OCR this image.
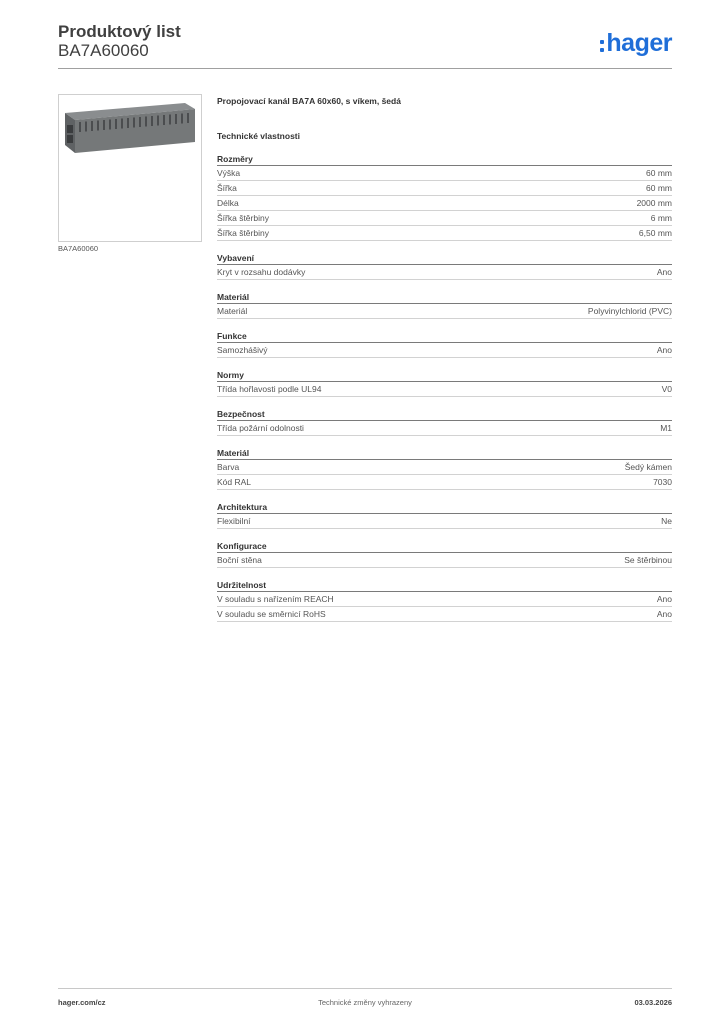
Produktový list
BA7A60060	hager
BA7A60060
Propojovací kanál BA7A 60x60, s víkem, šedá
Technické vlastnosti
Rozměry
Výška	60 mm
Šířka	60 mm
Délka	2000 mm
Šířka štěrbiny	6 mm
Šířka štěrbiny	6,50 mm
Vybavení
Kryt v rozsahu dodávky	Ano
Materiál
Materiál	Polyvinylchlorid (PVC)
Funkce
Samozhášivý	Ano
Normy
Třída hořlavosti podle UL94	V0
Bezpečnost
Třída požární odolnosti	M1
Materiál
Barva	Šedý kámen
Kód RAL	7030
Architektura
Flexibilní	Ne
Konfigurace
Boční stěna	Se štěrbinou
Udržitelnost
V souladu s nařízením REACH	Ano
V souladu se směrnicí RoHS	Ano
hager.com/cz	Technické změny vyhrazeny	03.03.2026
